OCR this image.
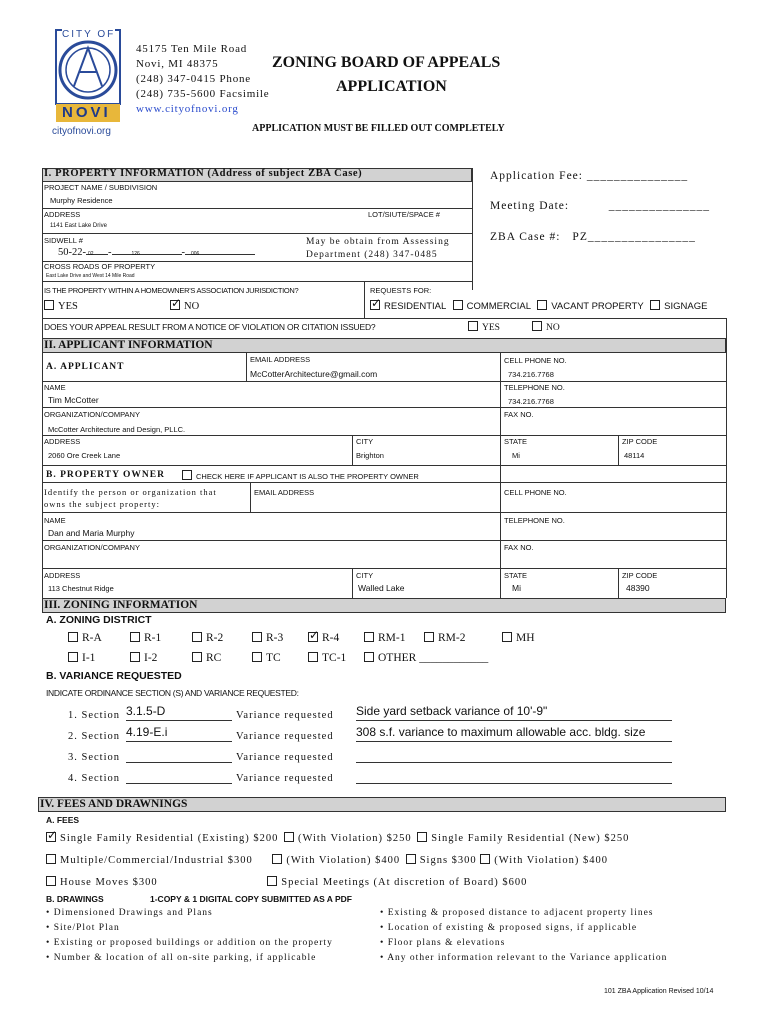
CITY OF
NOVI
cityofnovi.org
45175 Ten Mile Road
Novi, MI 48375
(248) 347-0415 Phone
(248) 735-5600 Facsimile
www.cityofnovi.org
ZONING BOARD OF APPEALS
APPLICATION
APPLICATION MUST BE FILLED OUT COMPLETELY
I. PROPERTY INFORMATION (Address of subject ZBA Case)
PROJECT NAME / SUBDIVISION
Murphy Residence
ADDRESS	LOT/SIUTE/SPACE #
1141 East Lake Drive
SIDWELL #
50-22- 02 -	126	- 006
May be obtain from Assessing
Department (248) 347-0485
CROSS ROADS OF PROPERTY
East Lake Drive and West 14 Mile Road
IS THE PROPERTY WITHIN A HOMEOWNER'S ASSOCIATION JURISDICTION?
YES ✓	NO
REQUESTS FOR:
✓RESIDENTIAL COMMERCIAL VACANT PROPERTY SIGNAGE
DOES YOUR APPEAL RESULT FROM A NOTICE OF VIOLATION OR CITATION ISSUED?	YES	NO
Application Fee: _______________
Meeting Date:	_______________
ZBA Case #: PZ________________
II. APPLICANT INFORMATION
A. APPLICANT
EMAIL ADDRESS
McCotterArchitecture@gmail.com
CELL PHONE NO.
734.216.7768
NAME
Tim McCotter
TELEPHONE NO.
734.216.7768
ORGANIZATION/COMPANY
McCotter Architecture and Design, PLLC.
FAX NO.
ADDRESS
2060 Ore Creek Lane
CITY
Brighton
STATE
Mi
ZIP CODE
48114
B. PROPERTY OWNER	CHECK HERE IF APPLICANT IS ALSO THE PROPERTY OWNER
Identify the person or organization that
owns the subject property:
EMAIL ADDRESS	CELL PHONE NO.
NAME
Dan and Maria Murphy
TELEPHONE NO.
ORGANIZATION/COMPANY	FAX NO.
ADDRESS
113 Chestnut Ridge
CITY
Walled Lake
STATE
Mi
ZIP CODE
48390
III. ZONING INFORMATION
A. ZONING DISTRICT
R-A	R-1	R-2	R-3 ✓	R-4	RM-1	RM-2	MH
I-1	I-2	RC	TC	TC-1	OTHER ____________
B. VARIANCE REQUESTED
INDICATE ORDINANCE SECTION (S) AND VARIANCE REQUESTED:
1. Section 3.1.5-D	Variance requested Side yard setback variance of 10'-9"
2. Section 4.19-E.i	Variance requested 308 s.f. variance to maximum allowable acc. bldg. size
3. Section	Variance requested
4. Section	Variance requested
IV. FEES AND DRAWNINGS
A. FEES
✓Single Family Residential (Existing) $200 (With Violation) $250 Single Family Residential (New) $250
Multiple/Commercial/Industrial $300	(With Violation) $400 Signs $300 (With Violation) $400
House Moves $300	Special Meetings (At discretion of Board) $600
B. DRAWINGS	1-COPY & 1 DIGITAL COPY SUBMITTED AS A PDF
• Dimensioned Drawings and Plans
• Site/Plot Plan
• Existing or proposed buildings or addition on the property
• Number & location of all on-site parking, if applicable
• Existing & proposed distance to adjacent property lines
• Location of existing & proposed signs, if applicable
• Floor plans & elevations
• Any other information relevant to the Variance application
101 ZBA Application Revised 10/14
